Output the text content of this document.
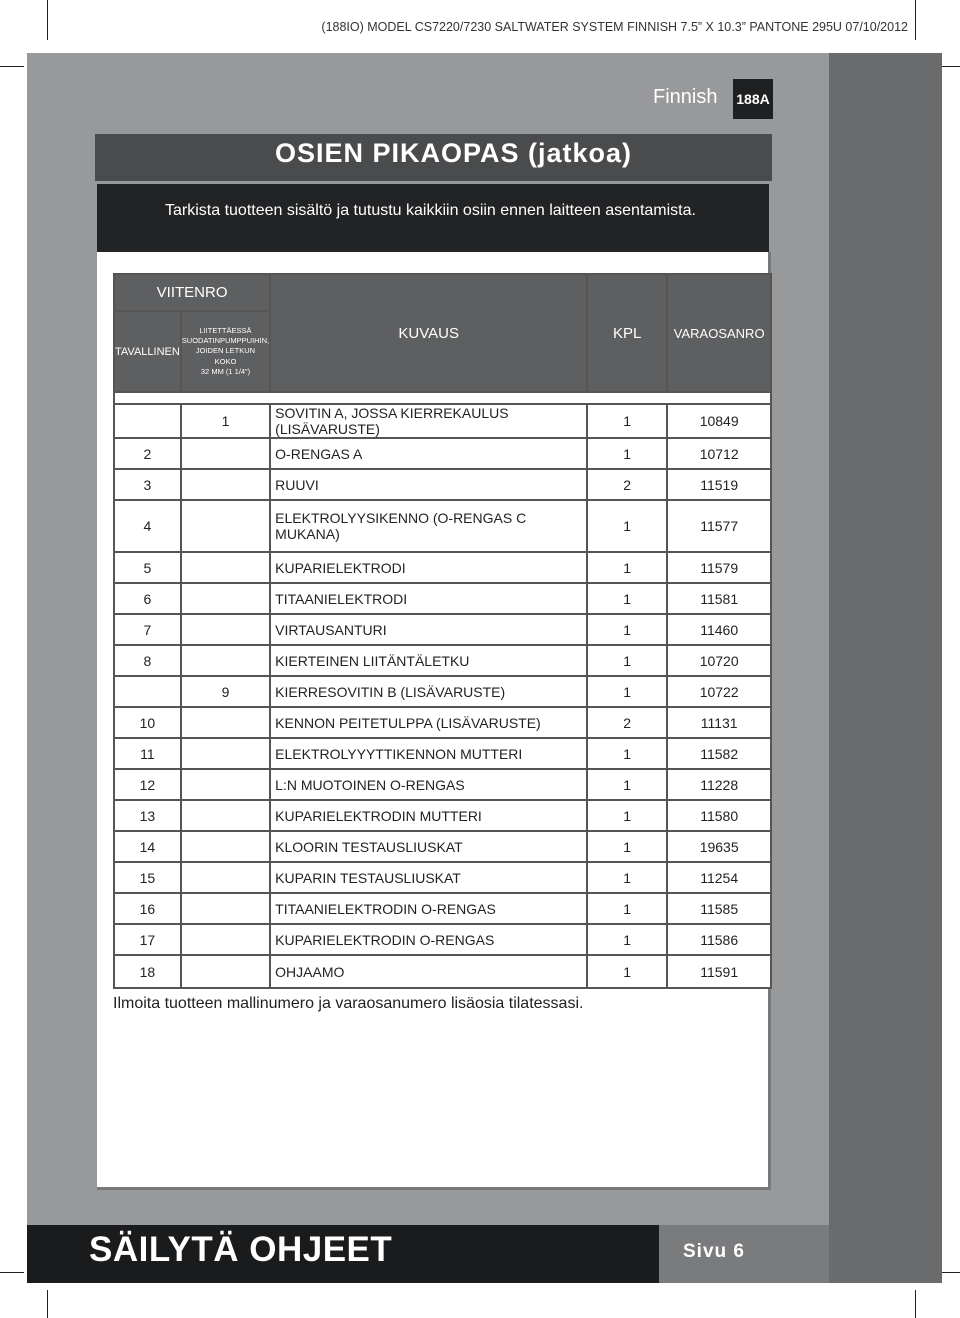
(188IO) MODEL CS7220/7230 SALTWATER SYSTEM FINNISH 7.5” X 10.3” PANTONE 295U 07/10/2012
Finnish 188A
OSIEN PIKAOPAS (jatkoa)
Tarkista tuotteen sisältö ja tutustu kaikkiin osiin ennen laitteen asentamista.
VIITENRO		KUVAUS	KPL	VARAOSANRO
TAVALLINEN	LIITETTÄESSÄ
SUODATINPUMPPUIHIN,
JOIDEN LETKUN
KOKO
32 MM (1 1/4”)			

	1	SOVITIN A, JOSSA KIERREKAULUS (LISÄVARUSTE)	1	10849
2		O-RENGAS A	1	10712
3		RUUVI	2	11519
4		ELEKTROLYYSIKENNO (O-RENGAS C MUKANA)	1	11577
5		KUPARIELEKTRODI	1	11579
6		TITAANIELEKTRODI	1	11581
7		VIRTAUSANTURI	1	11460
8		KIERTEINEN LIITÄNTÄLETKU	1	10720
	9	KIERRESOVITIN B (LISÄVARUSTE)	1	10722
10		KENNON PEITETULPPA (LISÄVARUSTE)	2	11131
11		ELEKTROLYYYTTIKENNON MUTTERI	1	11582
12		L:N MUOTOINEN O-RENGAS	1	11228
13		KUPARIELEKTRODIN MUTTERI	1	11580
14		KLOORIN TESTAUSLIUSKAT	1	19635
15		KUPARIN TESTAUSLIUSKAT	1	11254
16		TITAANIELEKTRODIN O-RENGAS	1	11585
17		KUPARIELEKTRODIN O-RENGAS	1	11586
18		OHJAAMO	1	11591
Ilmoita tuotteen mallinumero ja varaosanumero lisäosia tilatessasi.
SÄILYTÄ OHJEET	Sivu 6
